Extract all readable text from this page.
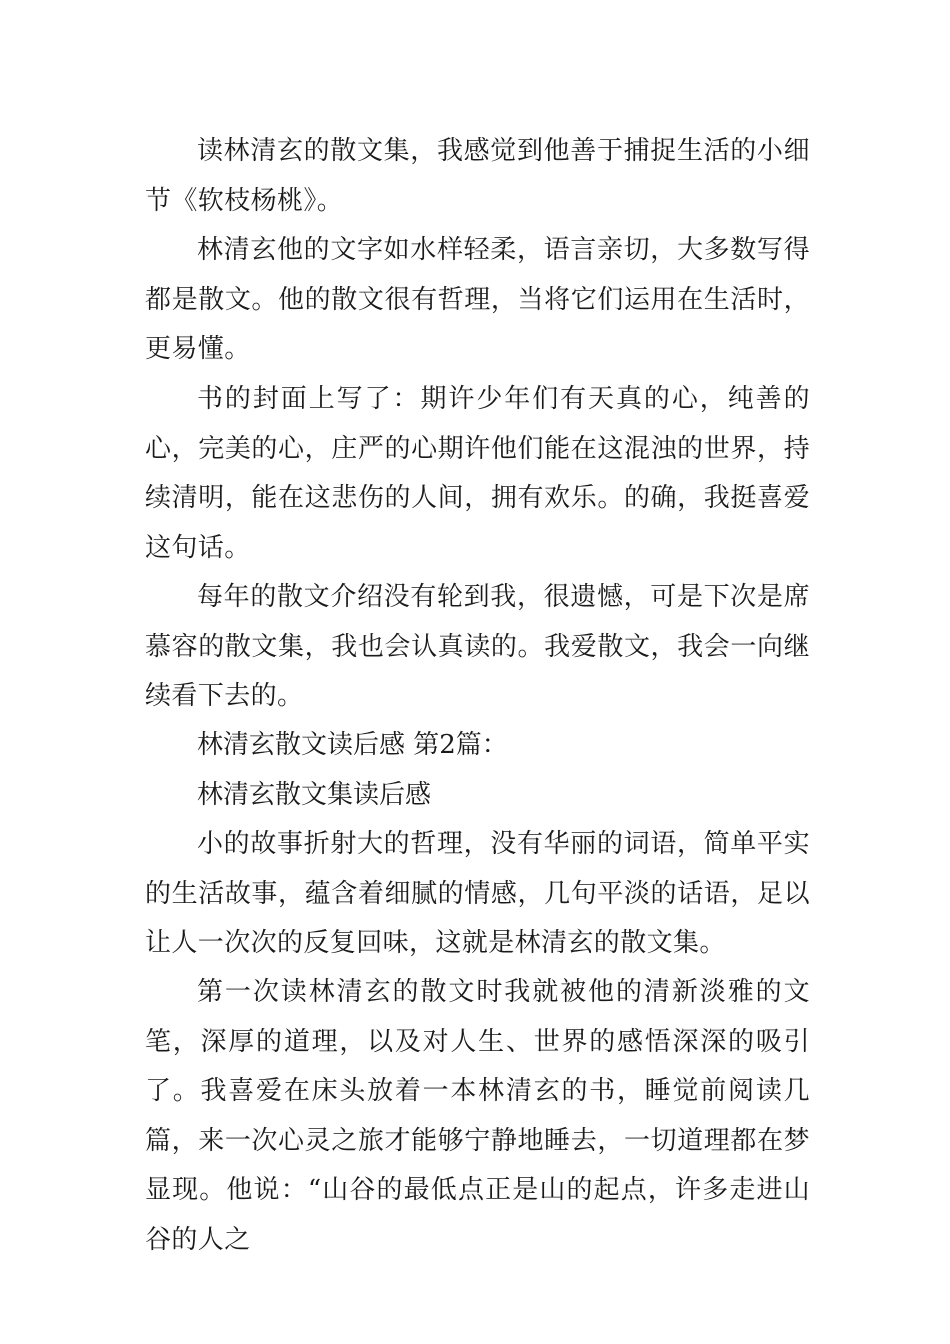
读林清玄的散文集，我感觉到他善于捕捉生活的小细节《软枝杨桃》。

林清玄他的文字如水样轻柔，语言亲切，大多数写得都是散文。他的散文很有哲理，当将它们运用在生活时，更易懂。

书的封面上写了：期许少年们有天真的心，纯善的心，完美的心，庄严的心期许他们能在这混浊的世界，持续清明，能在这悲伤的人间，拥有欢乐。的确，我挺喜爱这句话。

每年的散文介绍没有轮到我，很遗憾，可是下次是席慕容的散文集，我也会认真读的。我爱散文，我会一向继续看下去的。

林清玄散文读后感 第2篇：

林清玄散文集读后感

小的故事折射大的哲理，没有华丽的词语，简单平实的生活故事，蕴含着细腻的情感，几句平淡的话语，足以让人一次次的反复回味，这就是林清玄的散文集。

第一次读林清玄的散文时我就被他的清新淡雅的文笔，深厚的道理，以及对人生、世界的感悟深深的吸引了。我喜爱在床头放着一本林清玄的书，睡觉前阅读几篇，来一次心灵之旅才能够宁静地睡去，一切道理都在梦显现。他说：“山谷的最低点正是山的起点，许多走进山谷的人之
